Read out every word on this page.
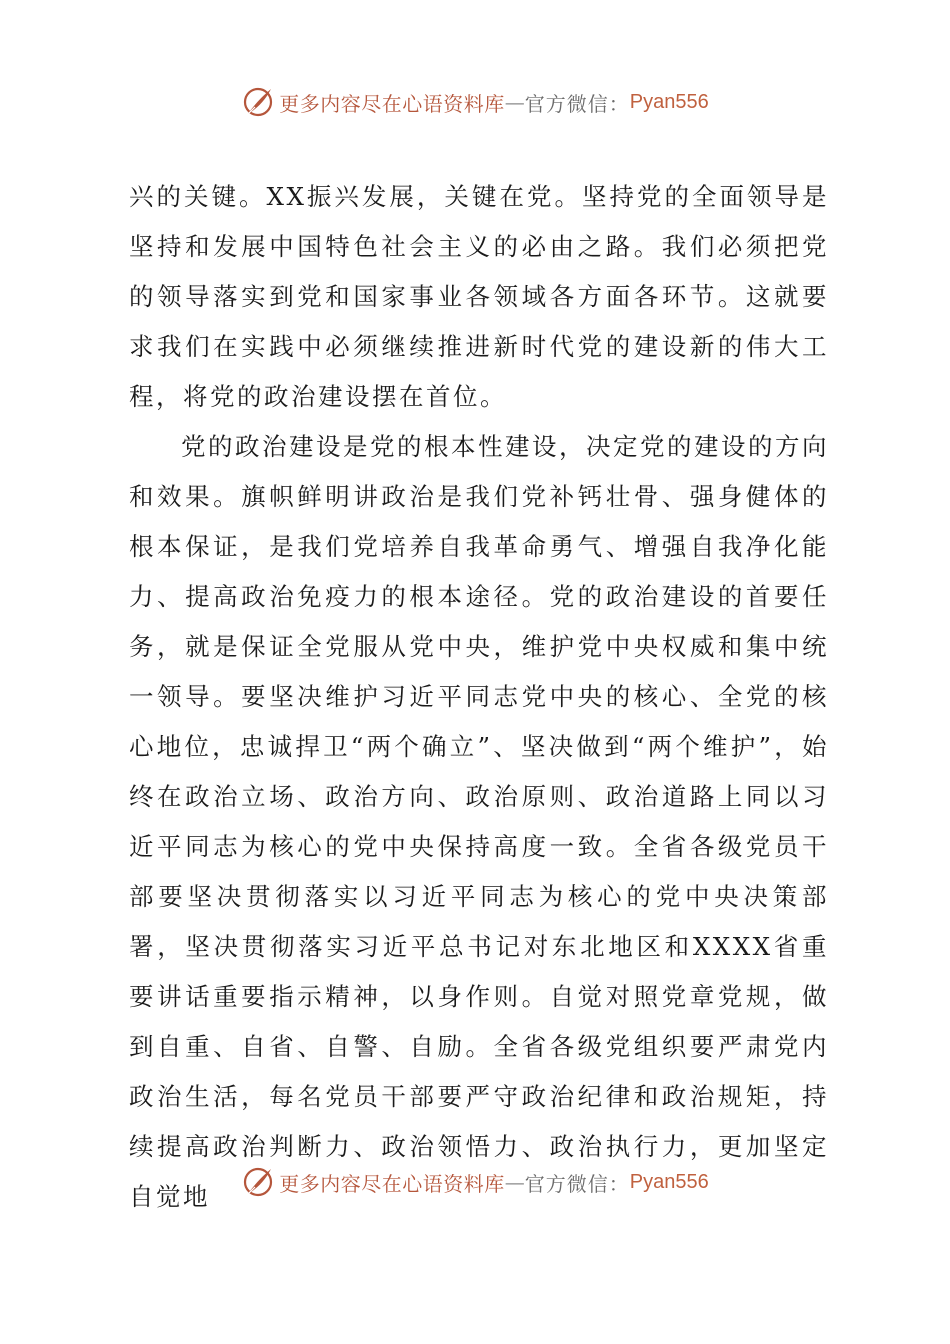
更多内容尽在心语资料库 — 官方微信： Pyan556

兴的关键。XX振兴发展，关键在党。坚持党的全面领导是坚持和发展中国特色社会主义的必由之路。我们必须把党的领导落实到党和国家事业各领域各方面各环节。这就要求我们在实践中必须继续推进新时代党的建设新的伟大工程，将党的政治建设摆在首位。

党的政治建设是党的根本性建设，决定党的建设的方向和效果。旗帜鲜明讲政治是我们党补钙壮骨、强身健体的根本保证，是我们党培养自我革命勇气、增强自我净化能力、提高政治免疫力的根本途径。党的政治建设的首要任务，就是保证全党服从党中央，维护党中央权威和集中统一领导。要坚决维护习近平同志党中央的核心、全党的核心地位，忠诚捍卫“两个确立”、坚决做到“两个维护”，始终在政治立场、政治方向、政治原则、政治道路上同以习近平同志为核心的党中央保持高度一致。全省各级党员干部要坚决贯彻落实以习近平同志为核心的党中央决策部署，坚决贯彻落实习近平总书记对东北地区和XXXX省重要讲话重要指示精神，以身作则。自觉对照党章党规，做到自重、自省、自警、自励。全省各级党组织要严肃党内政治生活，每名党员干部要严守政治纪律和政治规矩，持续提高政治判断力、政治领悟力、政治执行力，更加坚定自觉地	更多内容尽在心语资料库 — 官方微信： Pyan556
